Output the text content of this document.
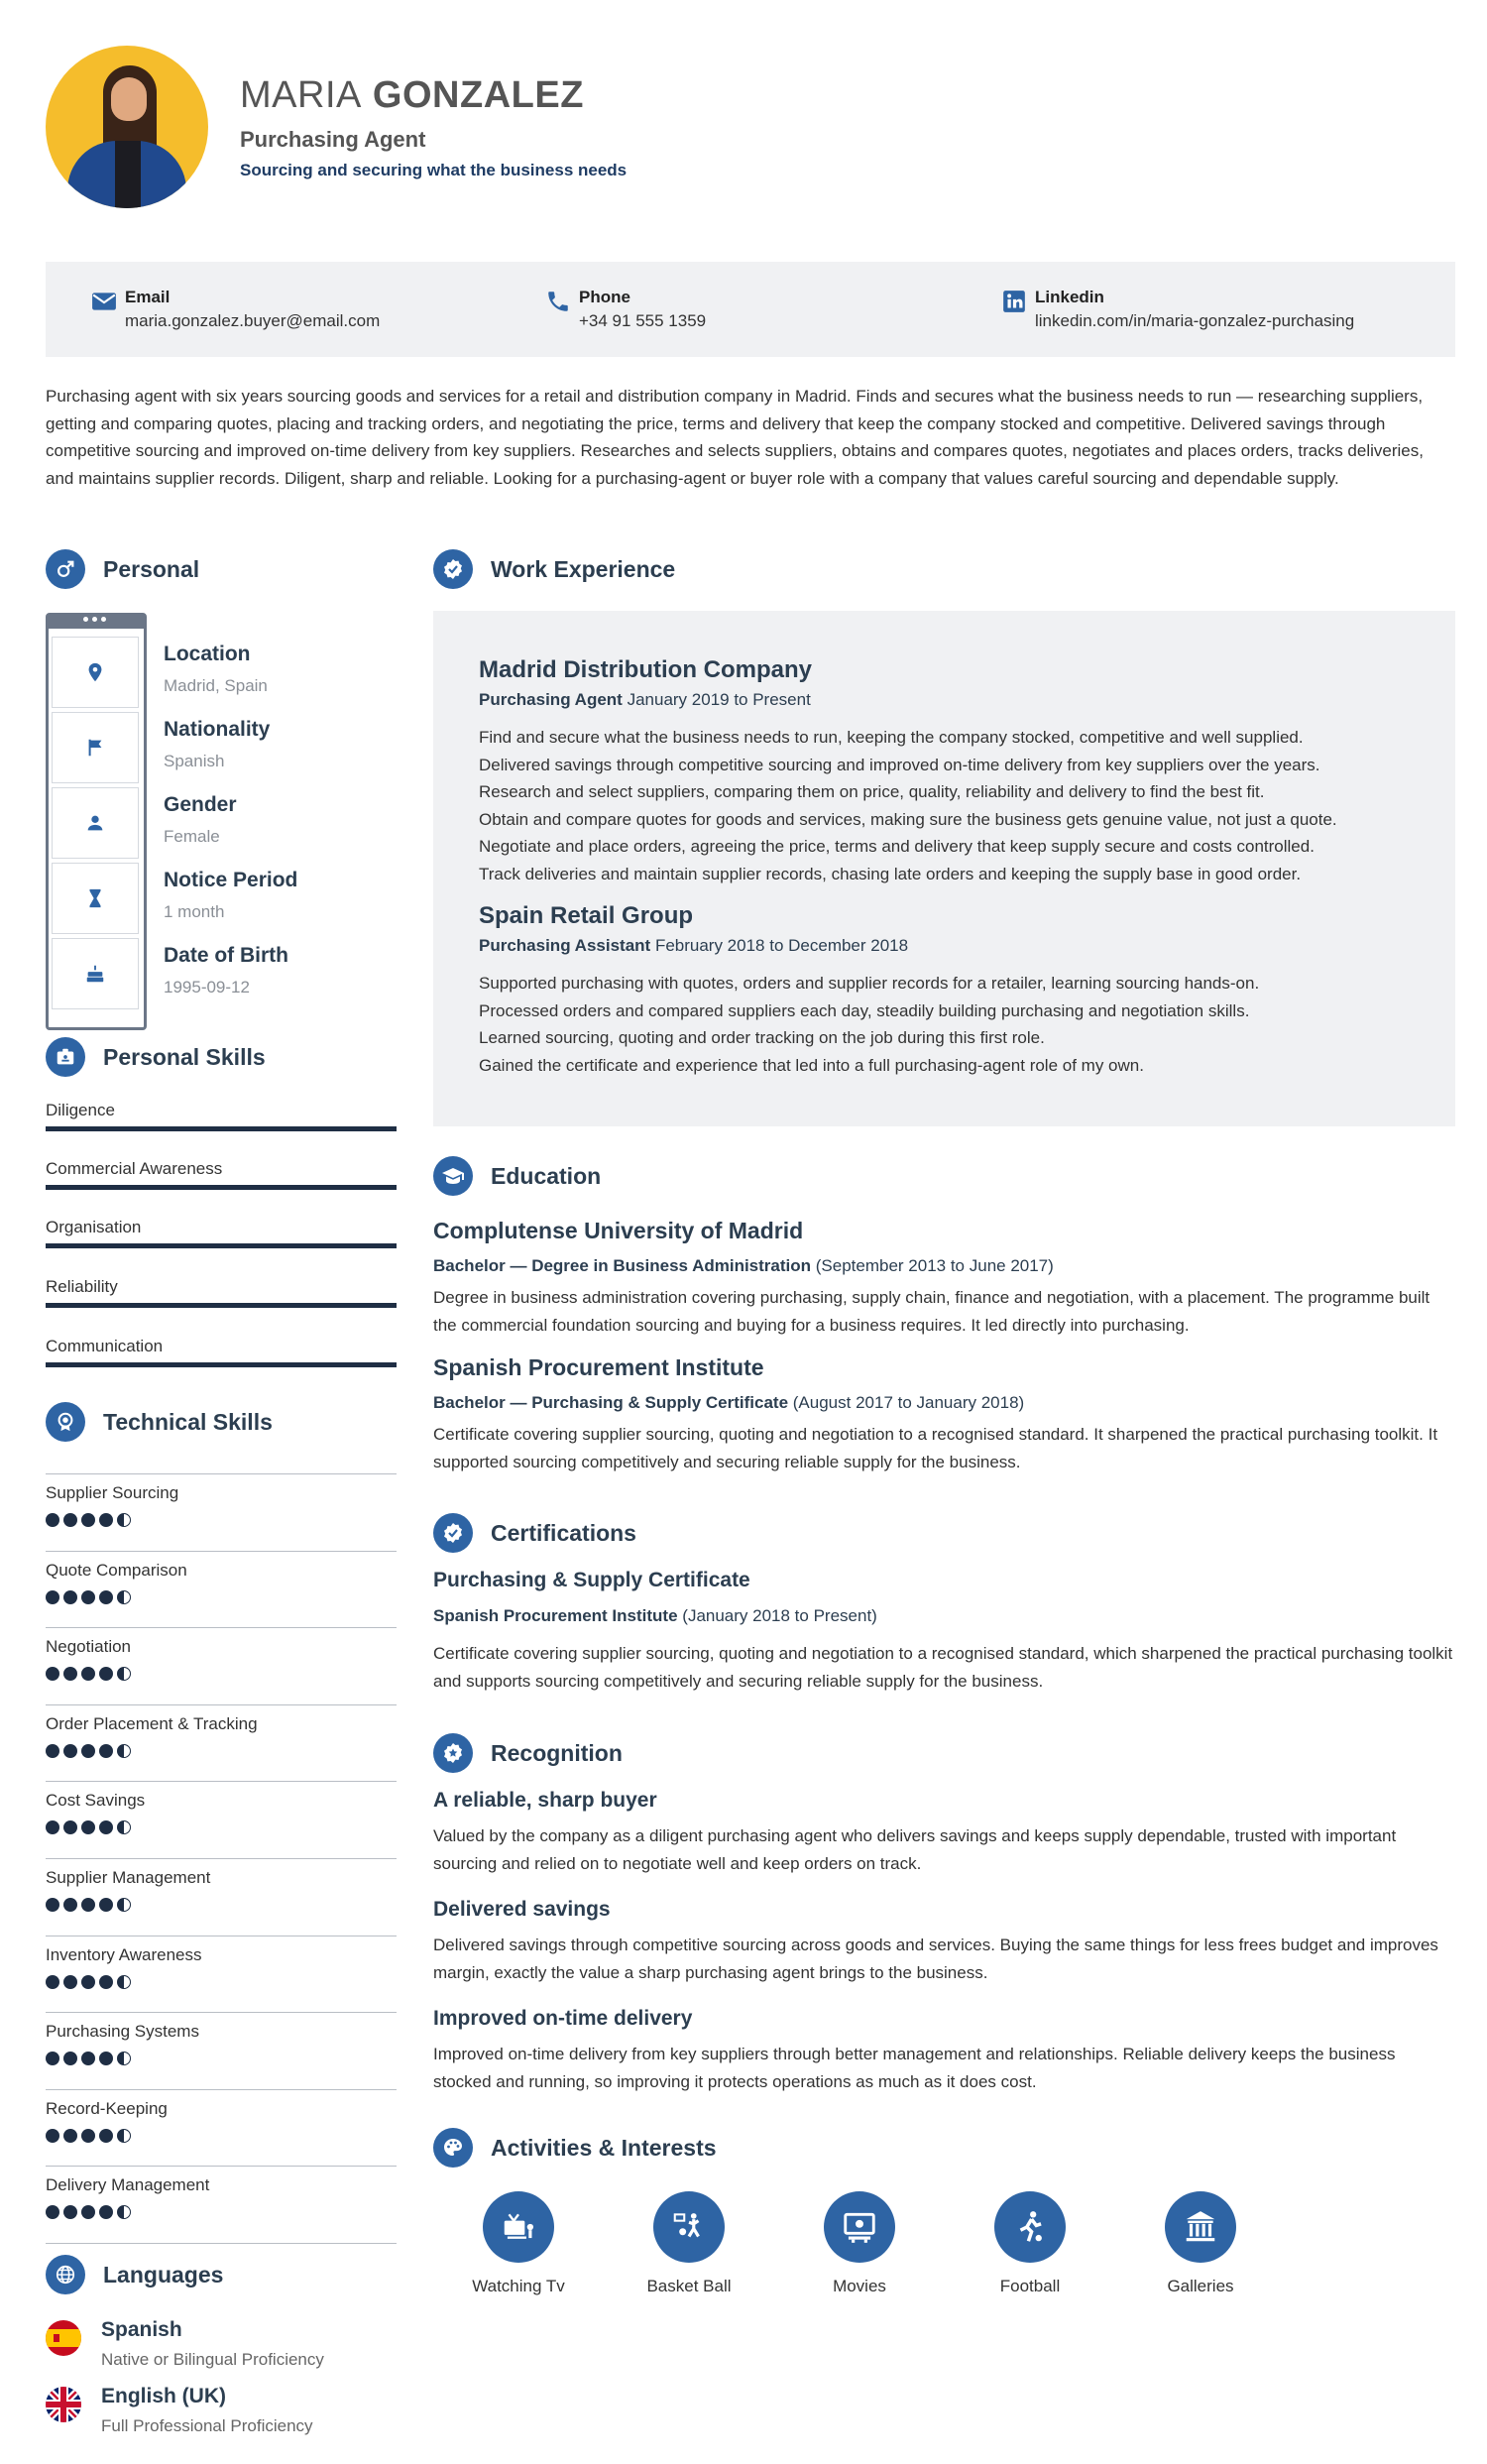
MARIA GONZALEZ
Purchasing Agent
Sourcing and securing what the business needs
Email
maria.gonzalez.buyer@email.com
Phone
+34 91 555 1359
Linkedin
linkedin.com/in/maria-gonzalez-purchasing
Purchasing agent with six years sourcing goods and services for a retail and distribution company in Madrid. Finds and secures what the business needs to run — researching suppliers, getting and comparing quotes, placing and tracking orders, and negotiating the price, terms and delivery that keep the company stocked and competitive. Delivered savings through competitive sourcing and improved on-time delivery from key suppliers. Researches and selects suppliers, obtains and compares quotes, negotiates and places orders, tracks deliveries, and maintains supplier records. Diligent, sharp and reliable. Looking for a purchasing-agent or buyer role with a company that values careful sourcing and dependable supply.
Personal
Location
Madrid, Spain
Nationality
Spanish
Gender
Female
Notice Period
1 month
Date of Birth
1995-09-12
Personal Skills
Diligence
Commercial Awareness
Organisation
Reliability
Communication
Technical Skills
Supplier Sourcing
Quote Comparison
Negotiation
Order Placement & Tracking
Cost Savings
Supplier Management
Inventory Awareness
Purchasing Systems
Record-Keeping
Delivery Management
Languages
Spanish
Native or Bilingual Proficiency
English (UK)
Full Professional Proficiency
Work Experience
Madrid Distribution Company
Purchasing Agent January 2019 to Present
Find and secure what the business needs to run, keeping the company stocked, competitive and well supplied.
Delivered savings through competitive sourcing and improved on-time delivery from key suppliers over the years.
Research and select suppliers, comparing them on price, quality, reliability and delivery to find the best fit.
Obtain and compare quotes for goods and services, making sure the business gets genuine value, not just a quote.
Negotiate and place orders, agreeing the price, terms and delivery that keep supply secure and costs controlled.
Track deliveries and maintain supplier records, chasing late orders and keeping the supply base in good order.
Spain Retail Group
Purchasing Assistant February 2018 to December 2018
Supported purchasing with quotes, orders and supplier records for a retailer, learning sourcing hands-on.
Processed orders and compared suppliers each day, steadily building purchasing and negotiation skills.
Learned sourcing, quoting and order tracking on the job during this first role.
Gained the certificate and experience that led into a full purchasing-agent role of my own.
Education
Complutense University of Madrid
Bachelor — Degree in Business Administration (September 2013 to June 2017)
Degree in business administration covering purchasing, supply chain, finance and negotiation, with a placement. The programme built the commercial foundation sourcing and buying for a business requires. It led directly into purchasing.
Spanish Procurement Institute
Bachelor — Purchasing & Supply Certificate (August 2017 to January 2018)
Certificate covering supplier sourcing, quoting and negotiation to a recognised standard. It sharpened the practical purchasing toolkit. It supported sourcing competitively and securing reliable supply for the business.
Certifications
Purchasing & Supply Certificate
Spanish Procurement Institute (January 2018 to Present)
Certificate covering supplier sourcing, quoting and negotiation to a recognised standard, which sharpened the practical purchasing toolkit and supports sourcing competitively and securing reliable supply for the business.
Recognition
A reliable, sharp buyer
Valued by the company as a diligent purchasing agent who delivers savings and keeps supply dependable, trusted with important sourcing and relied on to negotiate well and keep orders on track.
Delivered savings
Delivered savings through competitive sourcing across goods and services. Buying the same things for less frees budget and improves margin, exactly the value a sharp purchasing agent brings to the business.
Improved on-time delivery
Improved on-time delivery from key suppliers through better management and relationships. Reliable delivery keeps the business stocked and running, so improving it protects operations as much as it does cost.
Activities & Interests
Watching Tv	Basket Ball	Movies	Football	Galleries
